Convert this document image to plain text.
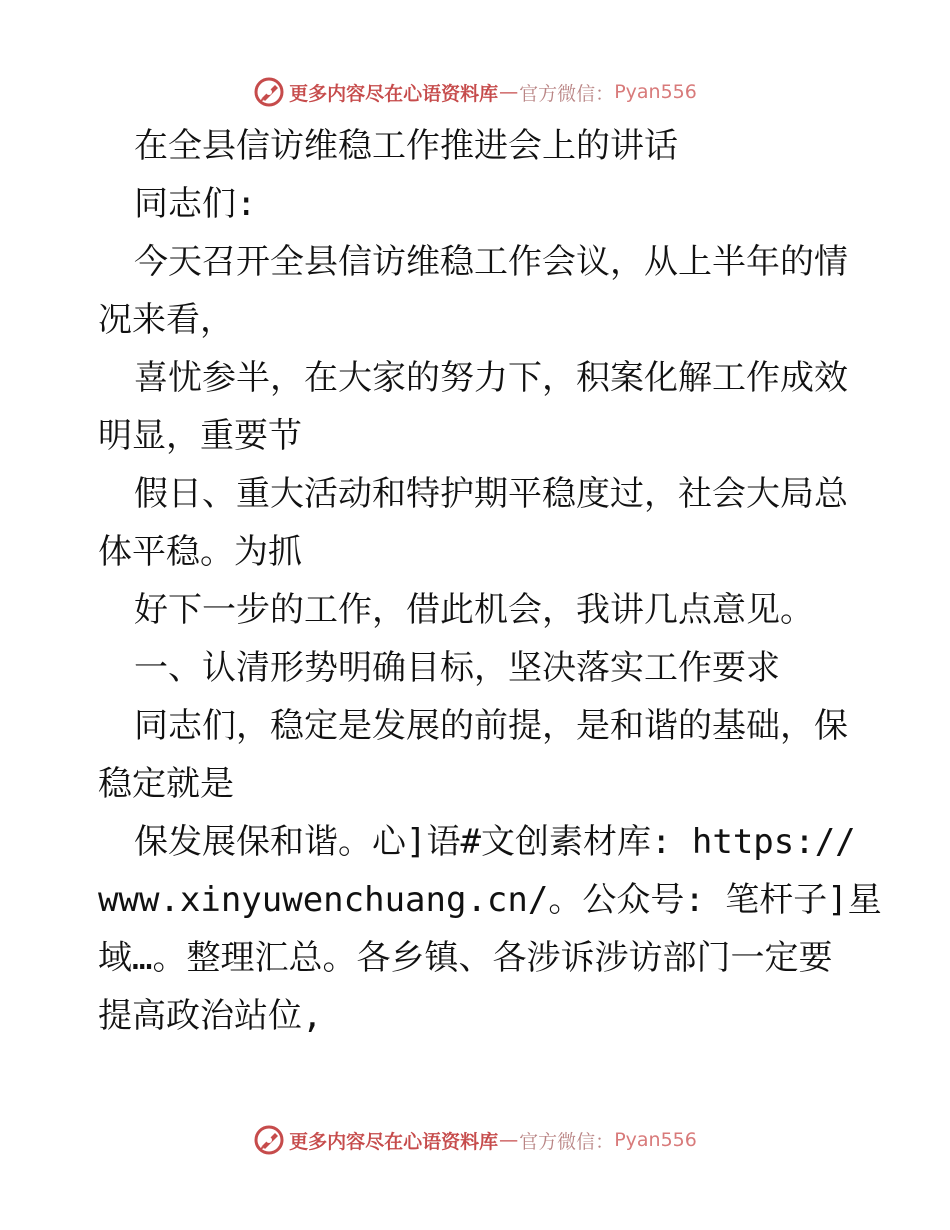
更多内容尽在心语资料库 — 官方微信： Pyan556
在全县信访维稳工作推进会上的讲话
同志们:
今天召开全县信访维稳工作会议，从上半年的情
况来看，
喜忧参半，在大家的努力下，积案化解工作成效
明显，重要节
假日、重大活动和特护期平稳度过，社会大局总
体平稳。为抓
好下一步的工作，借此机会，我讲几点意见。
一、认清形势明确目标，坚决落实工作要求
同志们，稳定是发展的前提，是和谐的基础，保
稳定就是
保发展保和谐。心]语#文创素材库: https://
www.xinyuwenchuang.cn/。公众号: 笔杆子]星
域…。整理汇总。各乡镇、各涉诉涉访部门一定要
提高政治站位,
更多内容尽在心语资料库 — 官方微信： Pyan556
